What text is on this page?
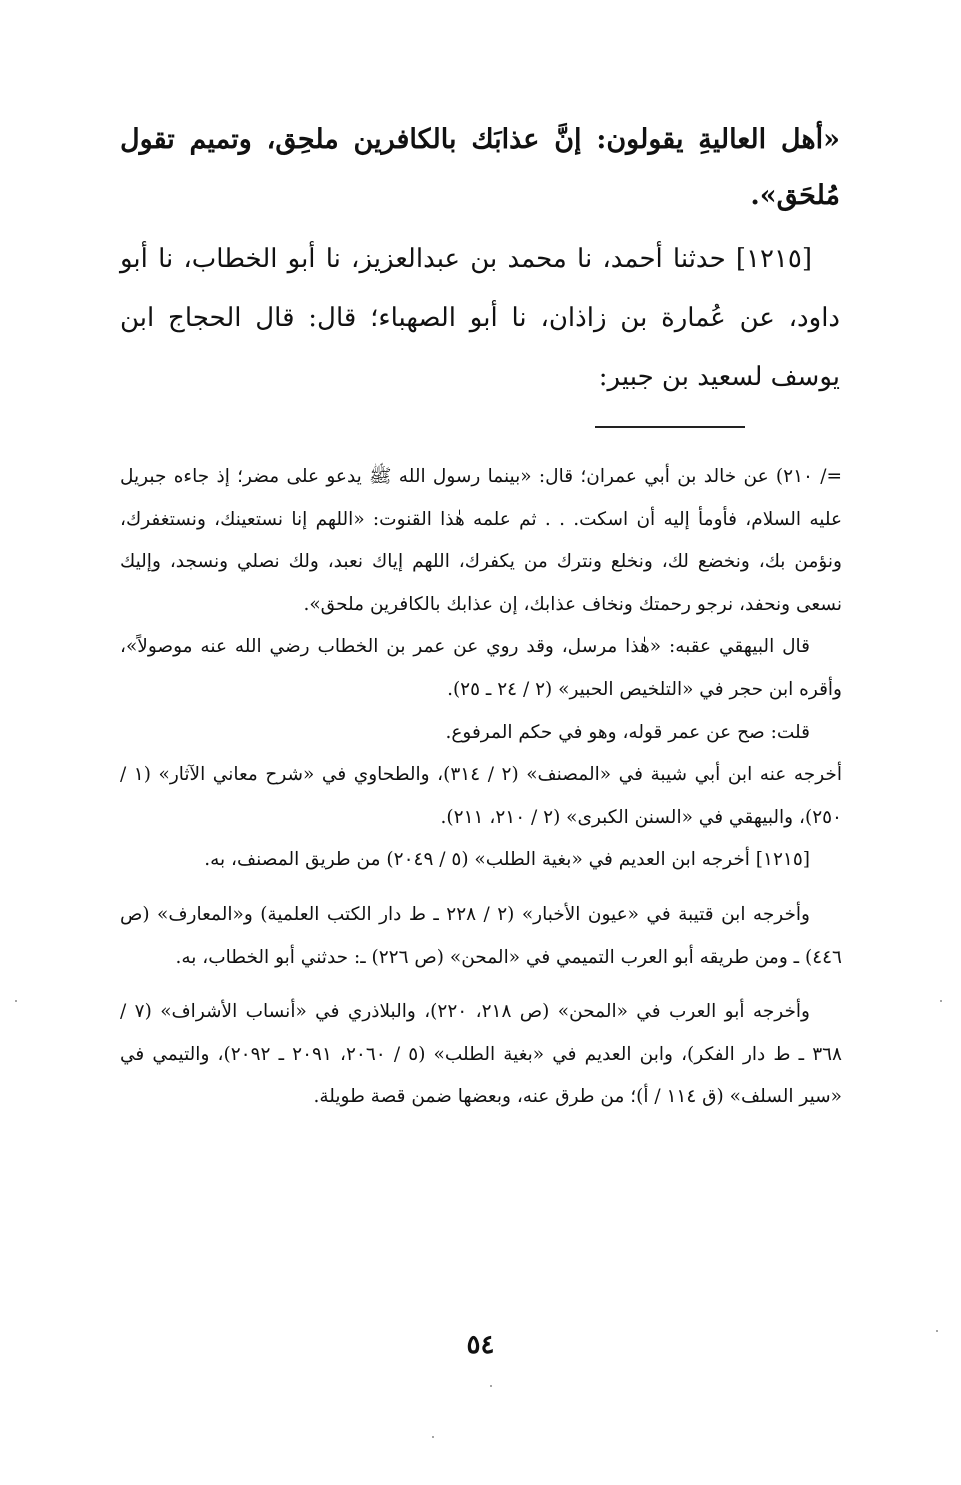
«أهل العاليةِ يقولون: إنَّ عذابَك بالكافرين ملحِق، وتميم تقول مُلحَق».
[١٢١٥] حدثنا أحمد، نا محمد بن عبدالعزيز، نا أبو الخطاب، نا أبو داود، عن عُمارة بن زاذان، نا أبو الصهباء؛ قال: قال الحجاج ابن يوسف لسعيد بن جبير:

=/ ٢١٠) عن خالد بن أبي عمران؛ قال: «بينما رسول الله ﷺ يدعو على مضر؛ إذ جاءه جبريل عليه السلام، فأومأ إليه أن اسكت. . . ثم علمه هٰذا القنوت: «اللهم إنا نستعينك، ونستغفرك، ونؤمن بك، ونخضع لك، ونخلع ونترك من يكفرك، اللهم إياك نعبد، ولك نصلي ونسجد، وإليك نسعى ونحفد، نرجو رحمتك ونخاف عذابك، إن عذابك بالكافرين ملحق».

قال البيهقي عقبه: «هٰذا مرسل، وقد روي عن عمر بن الخطاب رضي الله عنه موصولاً»، وأقره ابن حجر في «التلخيص الحبير» (٢ / ٢٤ ـ ٢٥).

قلت: صح عن عمر قوله، وهو في حكم المرفوع.

أخرجه عنه ابن أبي شيبة في «المصنف» (٢ / ٣١٤)، والطحاوي في «شرح معاني الآثار» (١ / ٢٥٠)، والبيهقي في «السنن الكبرى» (٢ / ٢١٠، ٢١١).

[١٢١٥] أخرجه ابن العديم في «بغية الطلب» (٥ / ٢٠٤٩) من طريق المصنف، به.

وأخرجه ابن قتيبة في «عيون الأخبار» (٢ / ٢٢٨ ـ ط دار الكتب العلمية) و«المعارف» (ص ٤٤٦) ـ ومن طريقه أبو العرب التميمي في «المحن» (ص ٢٢٦) ـ: حدثني أبو الخطاب، به.

وأخرجه أبو العرب في «المحن» (ص ٢١٨، ٢٢٠)، والبلاذري في «أنساب الأشراف» (٧ / ٣٦٨ ـ ط دار الفكر)، وابن العديم في «بغية الطلب» (٥ / ٢٠٦٠، ٢٠٩١ ـ ٢٠٩٢)، والتيمي في «سير السلف» (ق ١١٤ / أ)؛ من طرق عنه، وبعضها ضمن قصة طويلة.

٥٤
